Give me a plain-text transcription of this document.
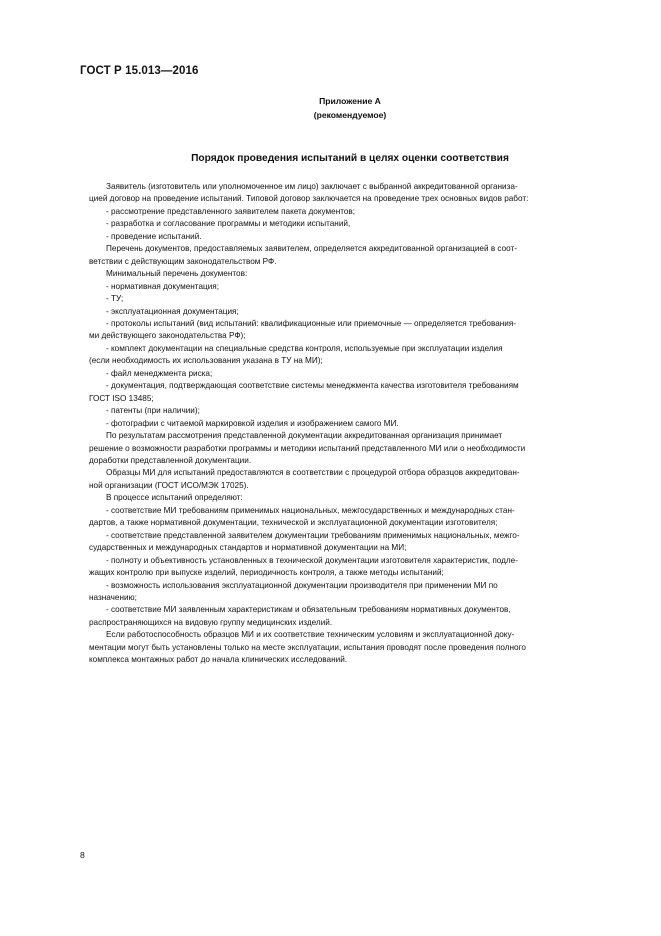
ГОСТ Р 15.013—2016
Приложение А
(рекомендуемое)
Порядок проведения испытаний в целях оценки соответствия

Заявитель (изготовитель или уполномоченное им лицо) заключает с выбранной аккредитованной организа-

цией договор на проведение испытаний. Типовой договор заключается на проведение трех основных видов работ:

- рассмотрение представленного заявителем пакета документов;

- разработка и согласование программы и методики испытаний,

- проведение испытаний.

Перечень документов, предоставляемых заявителем, определяется аккредитованной организацией в соот-

ветствии с действующим законодательством РФ.

Минимальный перечень документов:

- нормативная документация;

- ТУ;

- эксплуатационная документация;

- протоколы испытаний (вид испытаний: квалификационные или приемочные — определяется требования-

ми действующего законодательства РФ);

- комплект документации на специальные средства контроля, используемые при эксплуатации изделия

(если необходимость их использования указана в ТУ на МИ);

- файл менеджмента риска;

- документация, подтверждающая соответствие системы менеджмента качества изготовителя требованиям

ГОСТ ISO 13485;

- патенты (при наличии);

- фотографии с читаемой маркировкой изделия и изображением самого МИ.

По результатам рассмотрения представленной документации аккредитованная организация принимает

решение о возможности разработки программы и методики испытаний представленного МИ или о необходимости

доработки представленной документации.

Образцы МИ для испытаний предоставляются в соответствии с процедурой отбора образцов аккредитован-

ной организации (ГОСТ ИСО/МЭК 17025).

В процессе испытаний определяют:

- соответствие МИ требованиям применимых национальных, межгосударственных и международных стан-

дартов, а также нормативной документации, технической и эксплуатационной документации изготовителя;

- соответствие представленной заявителем документации требованиям применимых национальных, межго-

сударственных и международных стандартов и нормативной документации на МИ;

- полноту и объективность установленных в технической документации изготовителя характеристик, подле-

жащих контролю при выпуске изделий, периодичность контроля, а также методы испытаний;

- возможность использования эксплуатационной документации производителя при применении МИ по

назначению;

- соответствие МИ заявленным характеристикам и обязательным требованиям нормативных документов,

распространяющихся на видовую группу медицинских изделий.

Если работоспособность образцов МИ и их соответствие техническим условиям и эксплуатационной доку-

ментации могут быть установлены только на месте эксплуатации, испытания проводят после проведения полного

комплекса монтажных работ до начала клинических исследований.

8
